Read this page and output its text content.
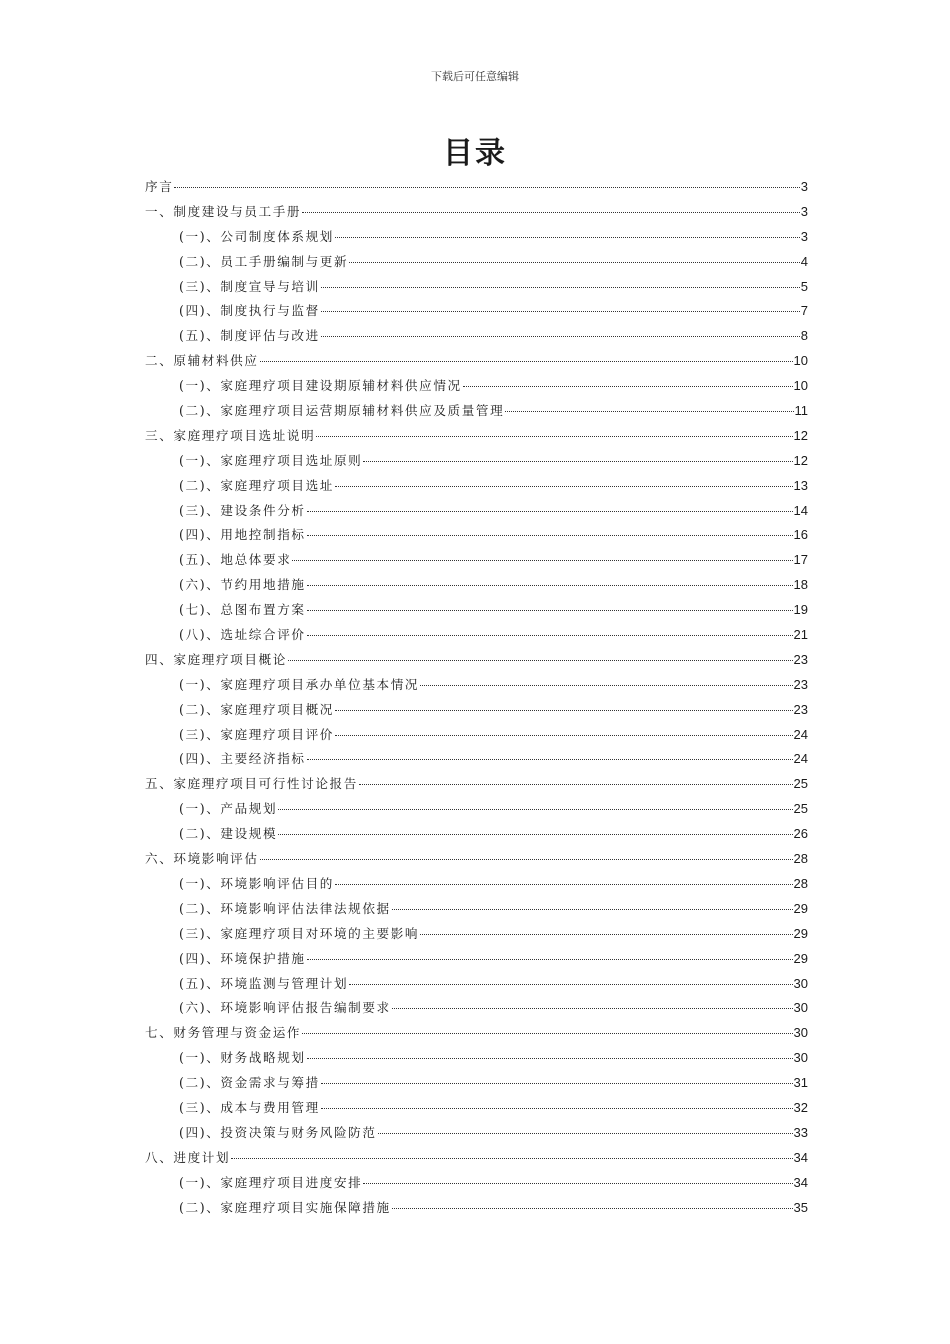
下载后可任意编辑
目录
序言	3
一、制度建设与员工手册	3
(一)、公司制度体系规划	3
(二)、员工手册编制与更新	4
(三)、制度宣导与培训	5
(四)、制度执行与监督	7
(五)、制度评估与改进	8
二、原辅材料供应	10
(一)、家庭理疗项目建设期原辅材料供应情况	10
(二)、家庭理疗项目运营期原辅材料供应及质量管理	11
三、家庭理疗项目选址说明	12
(一)、家庭理疗项目选址原则	12
(二)、家庭理疗项目选址	13
(三)、建设条件分析	14
(四)、用地控制指标	16
(五)、地总体要求	17
(六)、节约用地措施	18
(七)、总图布置方案	19
(八)、选址综合评价	21
四、家庭理疗项目概论	23
(一)、家庭理疗项目承办单位基本情况	23
(二)、家庭理疗项目概况	23
(三)、家庭理疗项目评价	24
(四)、主要经济指标	24
五、家庭理疗项目可行性讨论报告	25
(一)、产品规划	25
(二)、建设规模	26
六、环境影响评估	28
(一)、环境影响评估目的	28
(二)、环境影响评估法律法规依据	29
(三)、家庭理疗项目对环境的主要影响	29
(四)、环境保护措施	29
(五)、环境监测与管理计划	30
(六)、环境影响评估报告编制要求	30
七、财务管理与资金运作	30
(一)、财务战略规划	30
(二)、资金需求与筹措	31
(三)、成本与费用管理	32
(四)、投资决策与财务风险防范	33
八、进度计划	34
(一)、家庭理疗项目进度安排	34
(二)、家庭理疗项目实施保障措施	35
